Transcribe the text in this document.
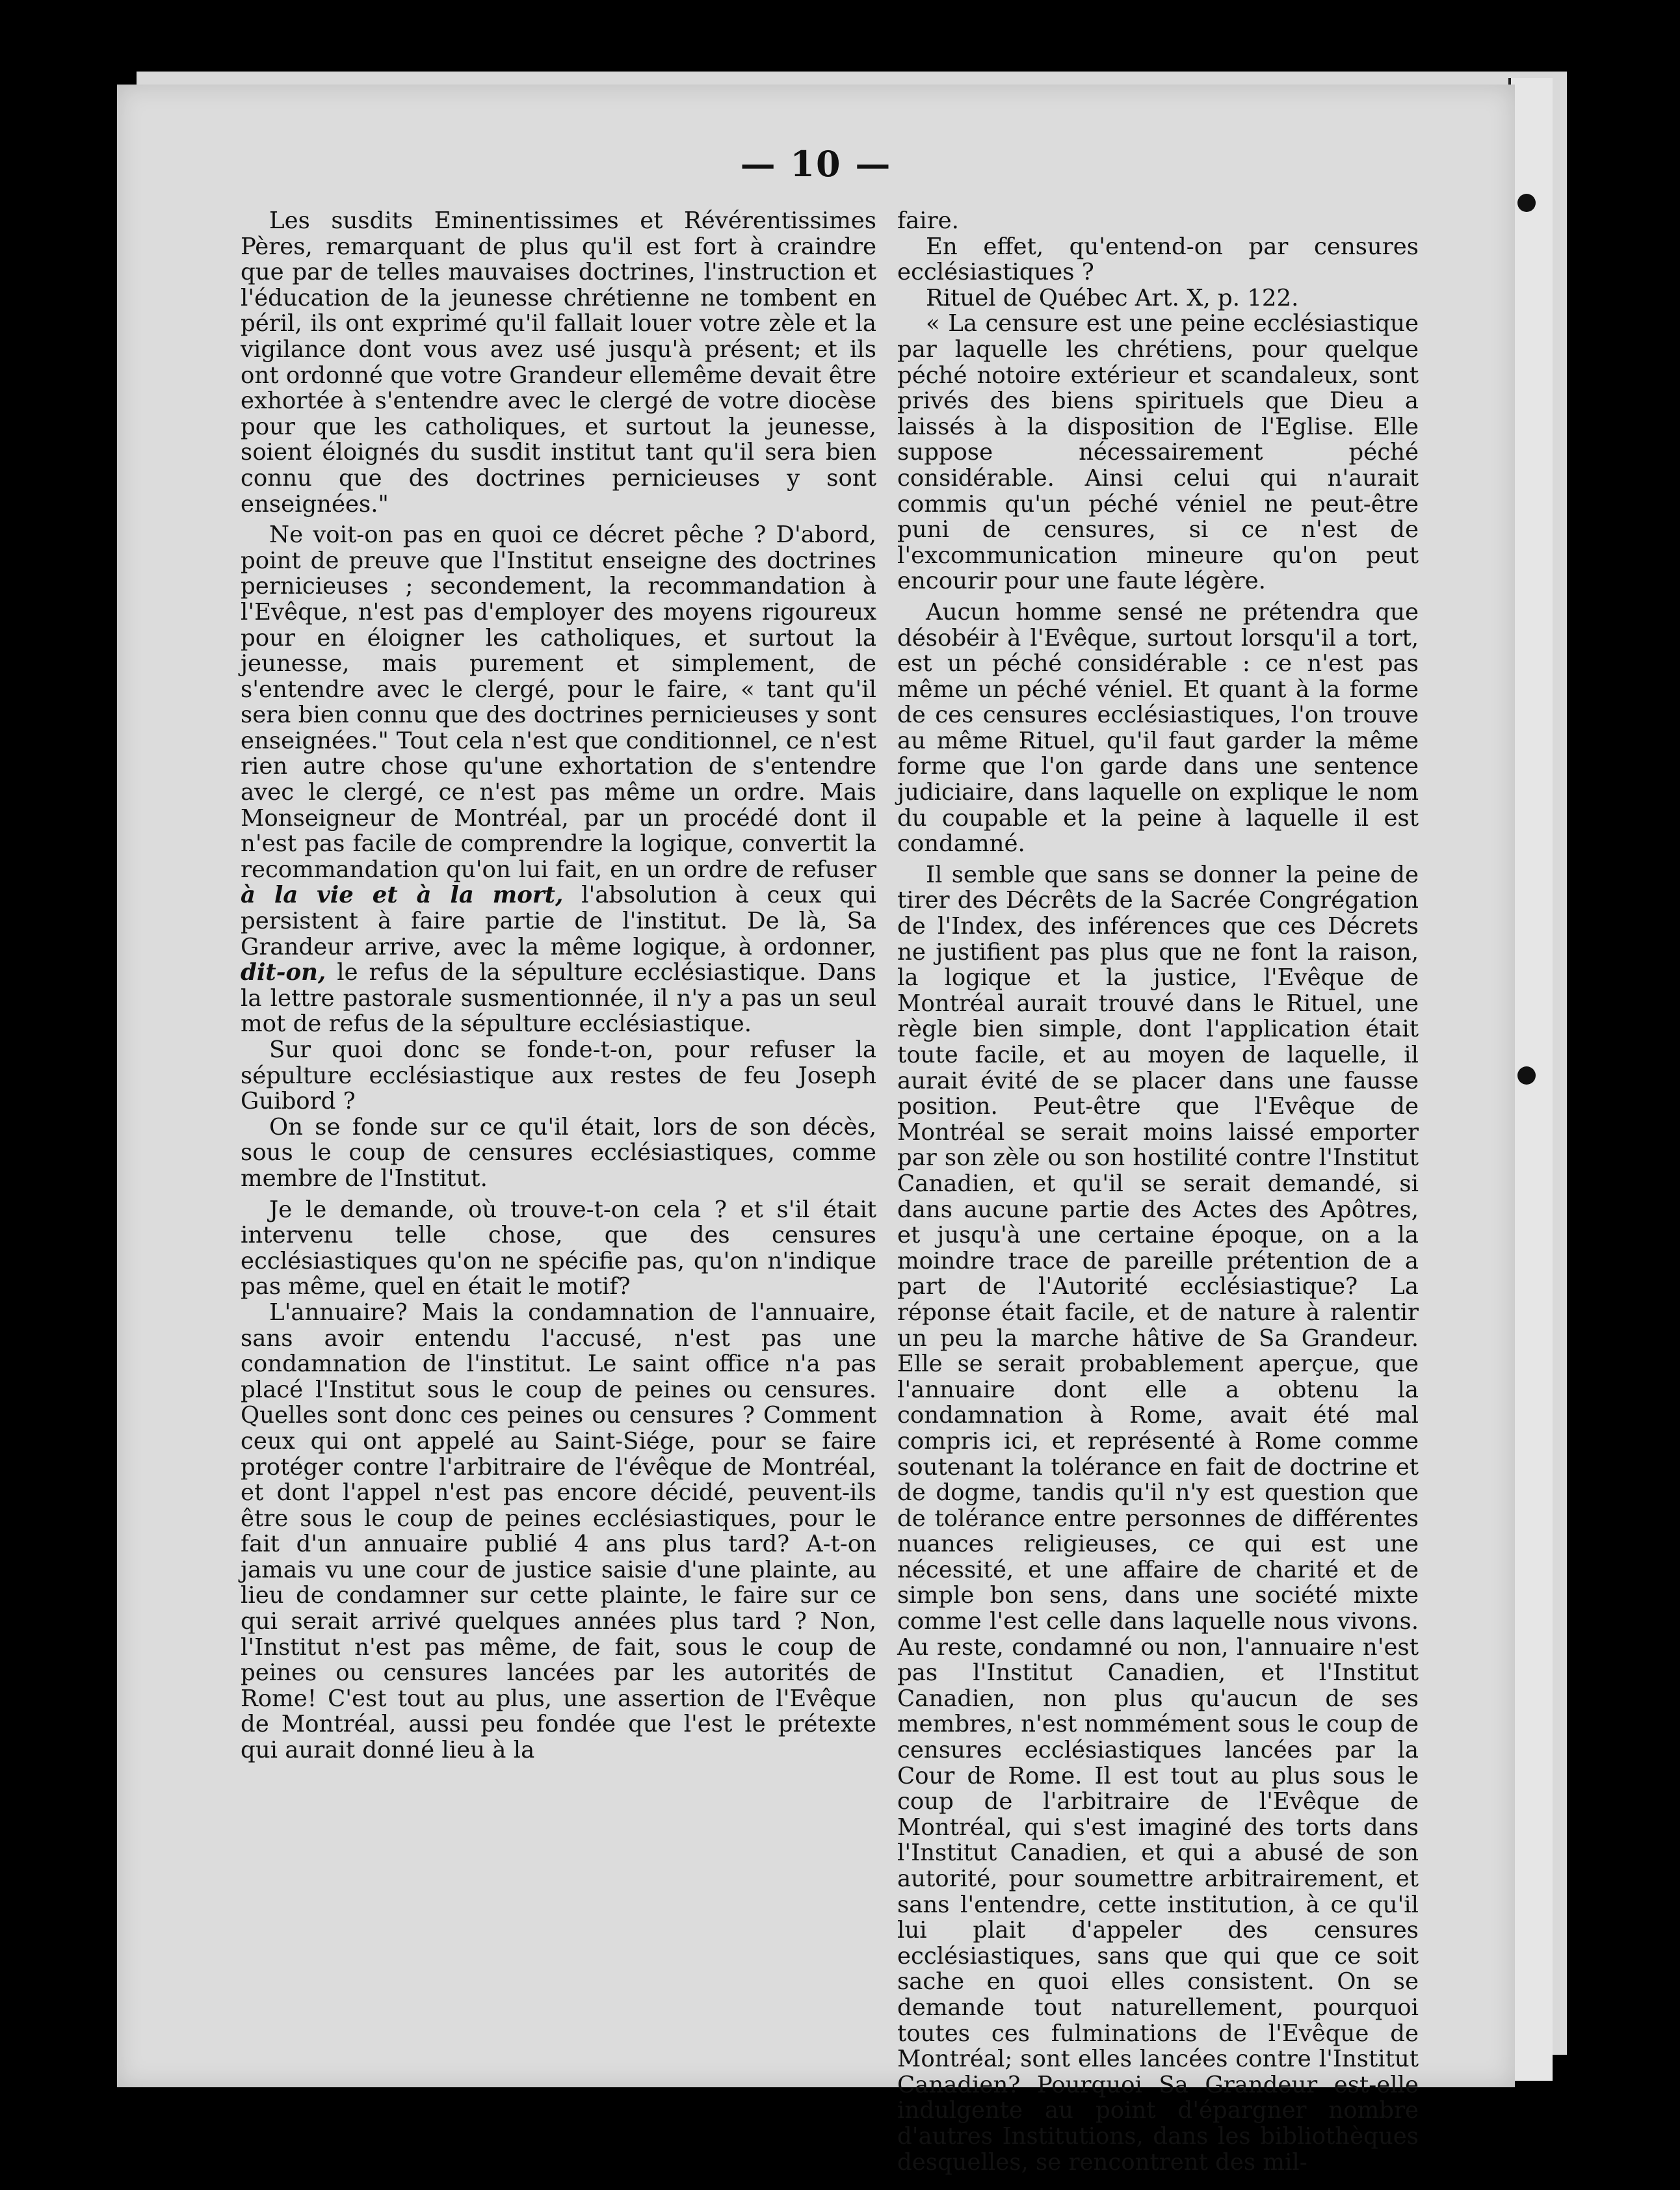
— 10 —

Les susdits Eminentissimes et Révérentissimes Pères, remarquant de plus qu'il est fort à craindre que par de telles mauvaises doctrines, l'instruction et l'éducation de la jeunesse chrétienne ne tombent en péril, ils ont exprimé qu'il fallait louer votre zèle et la vigilance dont vous avez usé jusqu'à présent; et ils ont ordonné que votre Grandeur ellemême devait être exhortée à s'entendre avec le clergé de votre diocèse pour que les catholiques, et surtout la jeunesse, soient éloignés du susdit institut tant qu'il sera bien connu que des doctrines pernicieuses y sont enseignées."

Ne voit-on pas en quoi ce décret pêche ? D'abord, point de preuve que l'Institut enseigne des doctrines pernicieuses ; secondement, la recommandation à l'Evêque, n'est pas d'employer des moyens rigoureux pour en éloigner les catholiques, et surtout la jeunesse, mais purement et simplement, de s'entendre avec le clergé, pour le faire, « tant qu'il sera bien connu que des doctrines pernicieuses y sont enseignées." Tout cela n'est que conditionnel, ce n'est rien autre chose qu'une exhortation de s'entendre avec le clergé, ce n'est pas même un ordre. Mais Monseigneur de Montréal, par un procédé dont il n'est pas facile de comprendre la logique, convertit la recommandation qu'on lui fait, en un ordre de refuser à la vie et à la mort, l'absolution à ceux qui persistent à faire partie de l'institut. De là, Sa Grandeur arrive, avec la même logique, à ordonner, dit-on, le refus de la sépulture ecclésiastique. Dans la lettre pastorale susmentionnée, il n'y a pas un seul mot de refus de la sépulture ecclésiastique.

Sur quoi donc se fonde-t-on, pour refuser la sépulture ecclésiastique aux restes de feu Joseph Guibord ?

On se fonde sur ce qu'il était, lors de son décès, sous le coup de censures ecclésiastiques, comme membre de l'Institut.

Je le demande, où trouve-t-on cela ? et s'il était intervenu telle chose, que des censures ecclésiastiques qu'on ne spécifie pas, qu'on n'indique pas même, quel en était le motif?

L'annuaire? Mais la condamnation de l'annuaire, sans avoir entendu l'accusé, n'est pas une condamnation de l'institut. Le saint office n'a pas placé l'Institut sous le coup de peines ou censures. Quelles sont donc ces peines ou censures ? Comment ceux qui ont appelé au Saint-Siége, pour se faire protéger contre l'arbitraire de l'évêque de Montréal, et dont l'appel n'est pas encore décidé, peuvent-ils être sous le coup de peines ecclésiastiques, pour le fait d'un annuaire publié 4 ans plus tard? A-t-on jamais vu une cour de justice saisie d'une plainte, au lieu de condamner sur cette plainte, le faire sur ce qui serait arrivé quelques années plus tard ? Non, l'Institut n'est pas même, de fait, sous le coup de peines ou censures lancées par les autorités de Rome! C'est tout au plus, une assertion de l'Evêque de Montréal, aussi peu fondée que l'est le prétexte qui aurait donné lieu à la

faire.

En effet, qu'entend-on par censures ecclésiastiques ?

Rituel de Québec Art. X, p. 122.

« La censure est une peine ecclésiastique par laquelle les chrétiens, pour quelque péché notoire extérieur et scandaleux, sont privés des biens spirituels que Dieu a laissés à la disposition de l'Eglise. Elle suppose nécessairement péché considérable. Ainsi celui qui n'aurait commis qu'un péché véniel ne peut-être puni de censures, si ce n'est de l'excommunication mineure qu'on peut encourir pour une faute légère.

Aucun homme sensé ne prétendra que désobéir à l'Evêque, surtout lorsqu'il a tort, est un péché considérable : ce n'est pas même un péché véniel. Et quant à la forme de ces censures ecclésiastiques, l'on trouve au même Rituel, qu'il faut garder la même forme que l'on garde dans une sentence judiciaire, dans laquelle on explique le nom du coupable et la peine à laquelle il est condamné.

Il semble que sans se donner la peine de tirer des Décrêts de la Sacrée Congrégation de l'Index, des inférences que ces Décrets ne justifient pas plus que ne font la raison, la logique et la justice, l'Evêque de Montréal aurait trouvé dans le Rituel, une règle bien simple, dont l'application était toute facile, et au moyen de laquelle, il aurait évité de se placer dans une fausse position. Peut-être que l'Evêque de Montréal se serait moins laissé emporter par son zèle ou son hostilité contre l'Institut Canadien, et qu'il se serait demandé, si dans aucune partie des Actes des Apôtres, et jusqu'à une certaine époque, on a la moindre trace de pareille prétention de a part de l'Autorité ecclésiastique? La réponse était facile, et de nature à ralentir un peu la marche hâtive de Sa Grandeur. Elle se serait probablement aperçue, que l'annuaire dont elle a obtenu la condamnation à Rome, avait été mal compris ici, et représenté à Rome comme soutenant la tolérance en fait de doctrine et de dogme, tandis qu'il n'y est question que de tolérance entre personnes de différentes nuances religieuses, ce qui est une nécessité, et une affaire de charité et de simple bon sens, dans une société mixte comme l'est celle dans laquelle nous vivons. Au reste, condamné ou non, l'annuaire n'est pas l'Institut Canadien, et l'Institut Canadien, non plus qu'aucun de ses membres, n'est nommément sous le coup de censures ecclésiastiques lancées par la Cour de Rome. Il est tout au plus sous le coup de l'arbitraire de l'Evêque de Montréal, qui s'est imaginé des torts dans l'Institut Canadien, et qui a abusé de son autorité, pour soumettre arbitrairement, et sans l'entendre, cette institution, à ce qu'il lui plait d'appeler des censures ecclésiastiques, sans que qui que ce soit sache en quoi elles consistent. On se demande tout naturellement, pourquoi toutes ces fulminations de l'Evêque de Montréal; sont elles lancées contre l'Institut Canadien? Pourquoi Sa Grandeur est-elle indulgente au point d'épargner nombre d'autres Institutions, dans les bibliothèques desquelles, se rencontrent des mil-
